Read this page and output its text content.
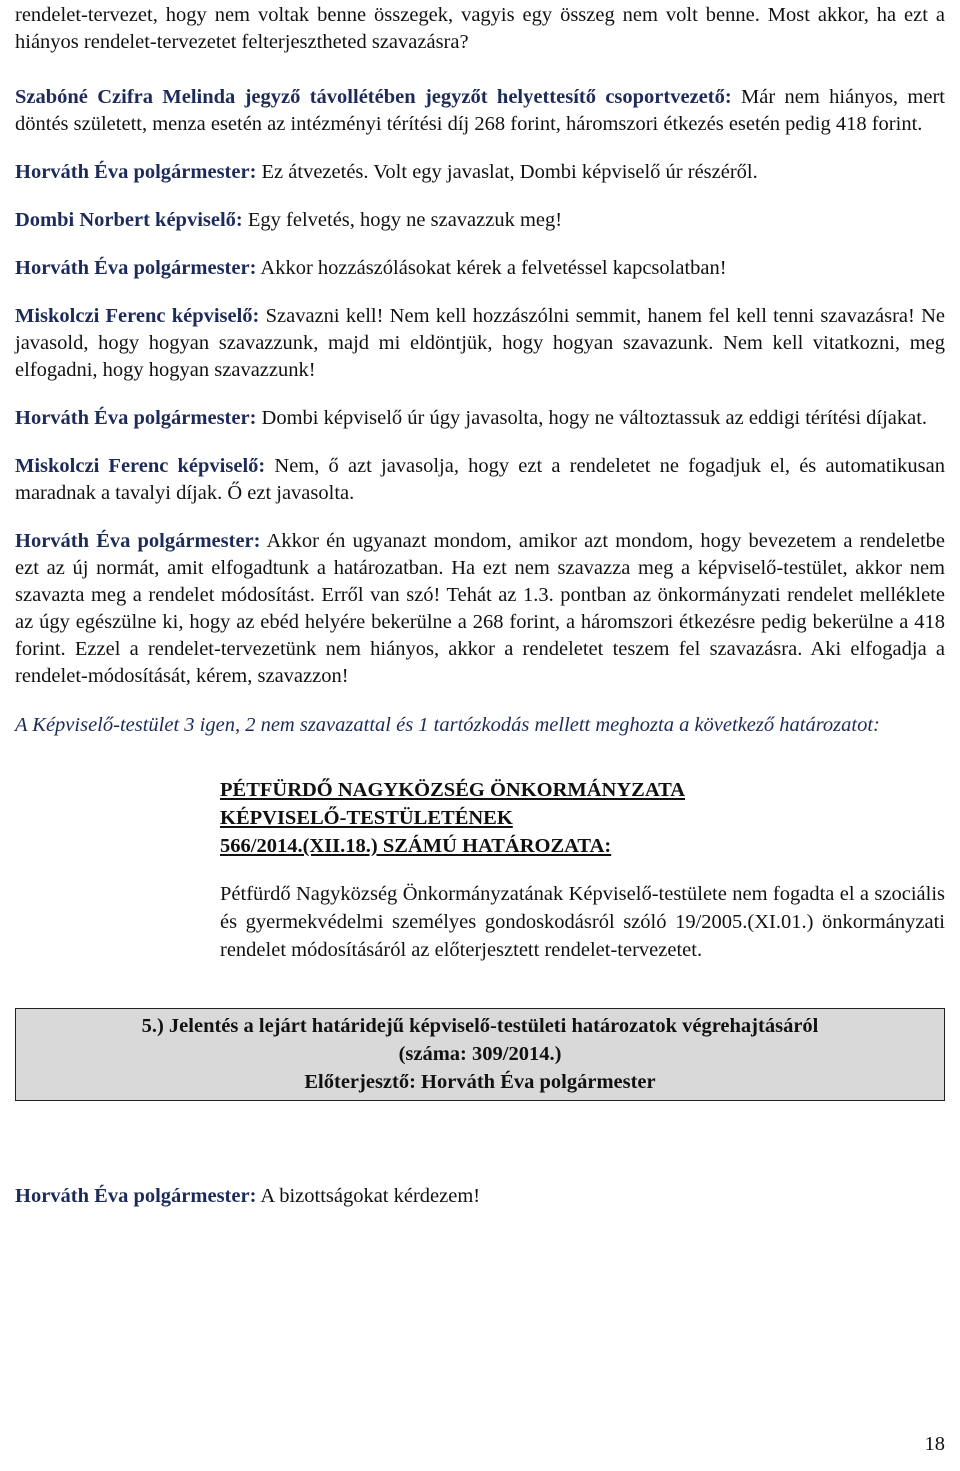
rendelet-tervezet, hogy nem voltak benne összegek, vagyis egy összeg nem volt benne. Most akkor, ha ezt a hiányos rendelet-tervezetet felterjesztheted szavazásra?

Szabóné Czifra Melinda jegyző távollétében jegyzőt helyettesítő csoportvezető: Már nem hiányos, mert döntés született, menza esetén az intézményi térítési díj 268 forint, háromszori étkezés esetén pedig 418 forint.

Horváth Éva polgármester: Ez átvezetés. Volt egy javaslat, Dombi képviselő úr részéről.

Dombi Norbert képviselő: Egy felvetés, hogy ne szavazzuk meg!

Horváth Éva polgármester: Akkor hozzászólásokat kérek a felvetéssel kapcsolatban!

Miskolczi Ferenc képviselő: Szavazni kell! Nem kell hozzászólni semmit, hanem fel kell tenni szavazásra! Ne javasold, hogy hogyan szavazzunk, majd mi eldöntjük, hogy hogyan szavazunk. Nem kell vitatkozni, meg elfogadni, hogy hogyan szavazzunk!

Horváth Éva polgármester: Dombi képviselő úr úgy javasolta, hogy ne változtassuk az eddigi térítési díjakat.

Miskolczi Ferenc képviselő: Nem, ő azt javasolja, hogy ezt a rendeletet ne fogadjuk el, és automatikusan maradnak a tavalyi díjak. Ő ezt javasolta.

Horváth Éva polgármester: Akkor én ugyanazt mondom, amikor azt mondom, hogy bevezetem a rendeletbe ezt az új normát, amit elfogadtunk a határozatban. Ha ezt nem szavazza meg a képviselő-testület, akkor nem szavazta meg a rendelet módosítást. Erről van szó! Tehát az 1.3. pontban az önkormányzati rendelet melléklete az úgy egészülne ki, hogy az ebéd helyére bekerülne a 268 forint, a háromszori étkezésre pedig bekerülne a 418 forint. Ezzel a rendelet-tervezetünk nem hiányos, akkor a rendeletet teszem fel szavazásra. Aki elfogadja a rendelet-módosítását, kérem, szavazzon!

A Képviselő-testület 3 igen, 2 nem szavazattal és 1 tartózkodás mellett meghozta a következő határozatot:

PÉTFÜRDŐ NAGYKÖZSÉG ÖNKORMÁNYZATA
KÉPVISELŐ-TESTÜLETÉNEK
566/2014.(XII.18.) SZÁMÚ HATÁROZATA:

Pétfürdő Nagyközség Önkormányzatának Képviselő-testülete nem fogadta el a szociális és gyermekvédelmi személyes gondoskodásról szóló 19/2005.(XI.01.) önkormányzati rendelet módosításáról az előterjesztett rendelet-tervezetet.

5.) Jelentés a lejárt határidejű képviselő-testületi határozatok végrehajtásáról
(száma: 309/2014.)
Előterjesztő: Horváth Éva polgármester

Horváth Éva polgármester: A bizottságokat kérdezem!

18
